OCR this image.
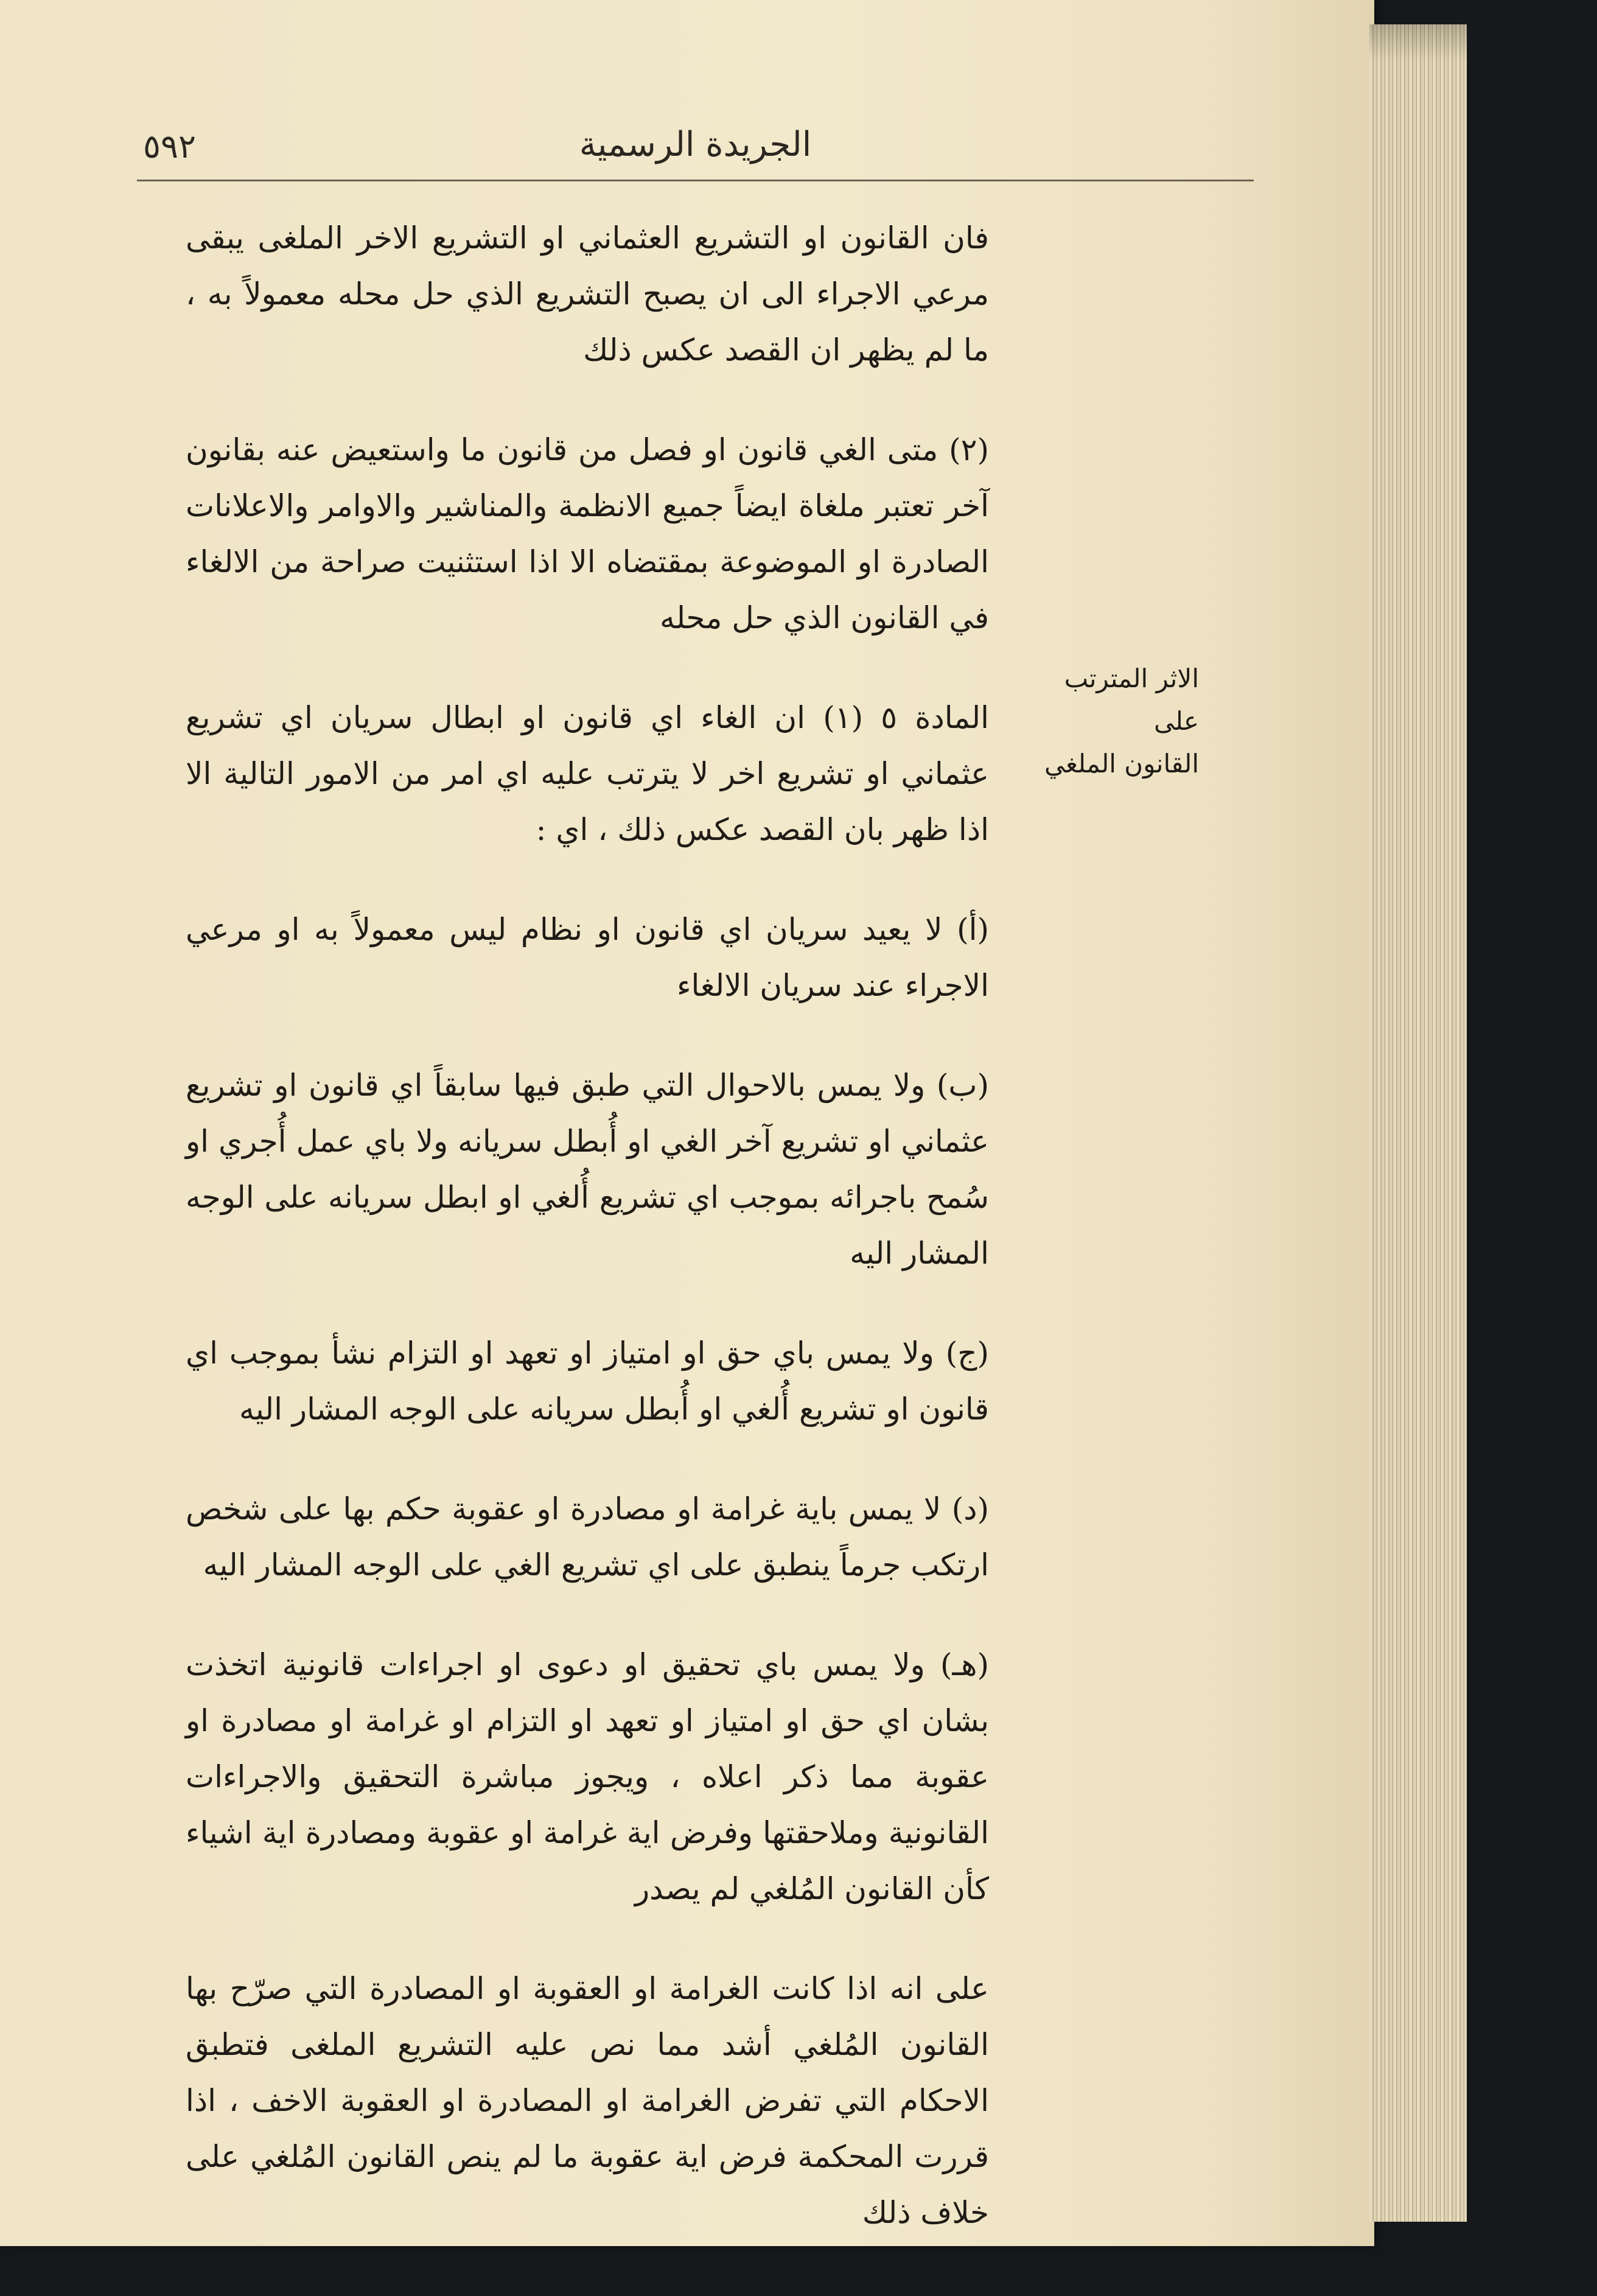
الجريدة الرسمية
٥٩٢
الاثر المترتب على
القانون الملغي

فان القانون او التشريع العثماني او التشريع الاخر الملغى يبقى مرعي الاجراء الى ان يصبح التشريع الذي حل محله معمولاً به ، ما لم يظهر ان القصد عكس ذلك

(٢) متى الغي قانون او فصل من قانون ما واستعيض عنه بقانون آخر تعتبر ملغاة ايضاً جميع الانظمة والمناشير والاوامر والاعلانات الصادرة او الموضوعة بمقتضاه الا اذا استثنيت صراحة من الالغاء في القانون الذي حل محله

المادة ٥ (١) ان الغاء اي قانون او ابطال سريان اي تشريع عثماني او تشريع اخر لا يترتب عليه اي امر من الامور التالية الا اذا ظهر بان القصد عكس ذلك ، اي :

(أ) لا يعيد سريان اي قانون او نظام ليس معمولاً به او مرعي الاجراء عند سريان الالغاء

(ب) ولا يمس بالاحوال التي طبق فيها سابقاً اي قانون او تشريع عثماني او تشريع آخر الغي او أُبطل سريانه ولا باي عمل أُجري او سُمح باجرائه بموجب اي تشريع أُلغي او ابطل سريانه على الوجه المشار اليه

(ج) ولا يمس باي حق او امتياز او تعهد او التزام نشأ بموجب اي قانون او تشريع أُلغي او أُبطل سريانه على الوجه المشار اليه

(د) لا يمس باية غرامة او مصادرة او عقوبة حكم بها على شخص ارتكب جرماً ينطبق على اي تشريع الغي على الوجه المشار اليه

(هـ) ولا يمس باي تحقيق او دعوى او اجراءات قانونية اتخذت بشان اي حق او امتياز او تعهد او التزام او غرامة او مصادرة او عقوبة مما ذكر اعلاه ، ويجوز مباشرة التحقيق والاجراءات القانونية وملاحقتها وفرض اية غرامة او عقوبة ومصادرة اية اشياء كأن القانون المُلغي لم يصدر

على انه اذا كانت الغرامة او العقوبة او المصادرة التي صرّح بها القانون المُلغي أشد مما نص عليه التشريع الملغى فتطبق الاحكام التي تفرض الغرامة او المصادرة او العقوبة الاخف ، اذا قررت المحكمة فرض اية عقوبة ما لم ينص القانون المُلغي على خلاف ذلك
